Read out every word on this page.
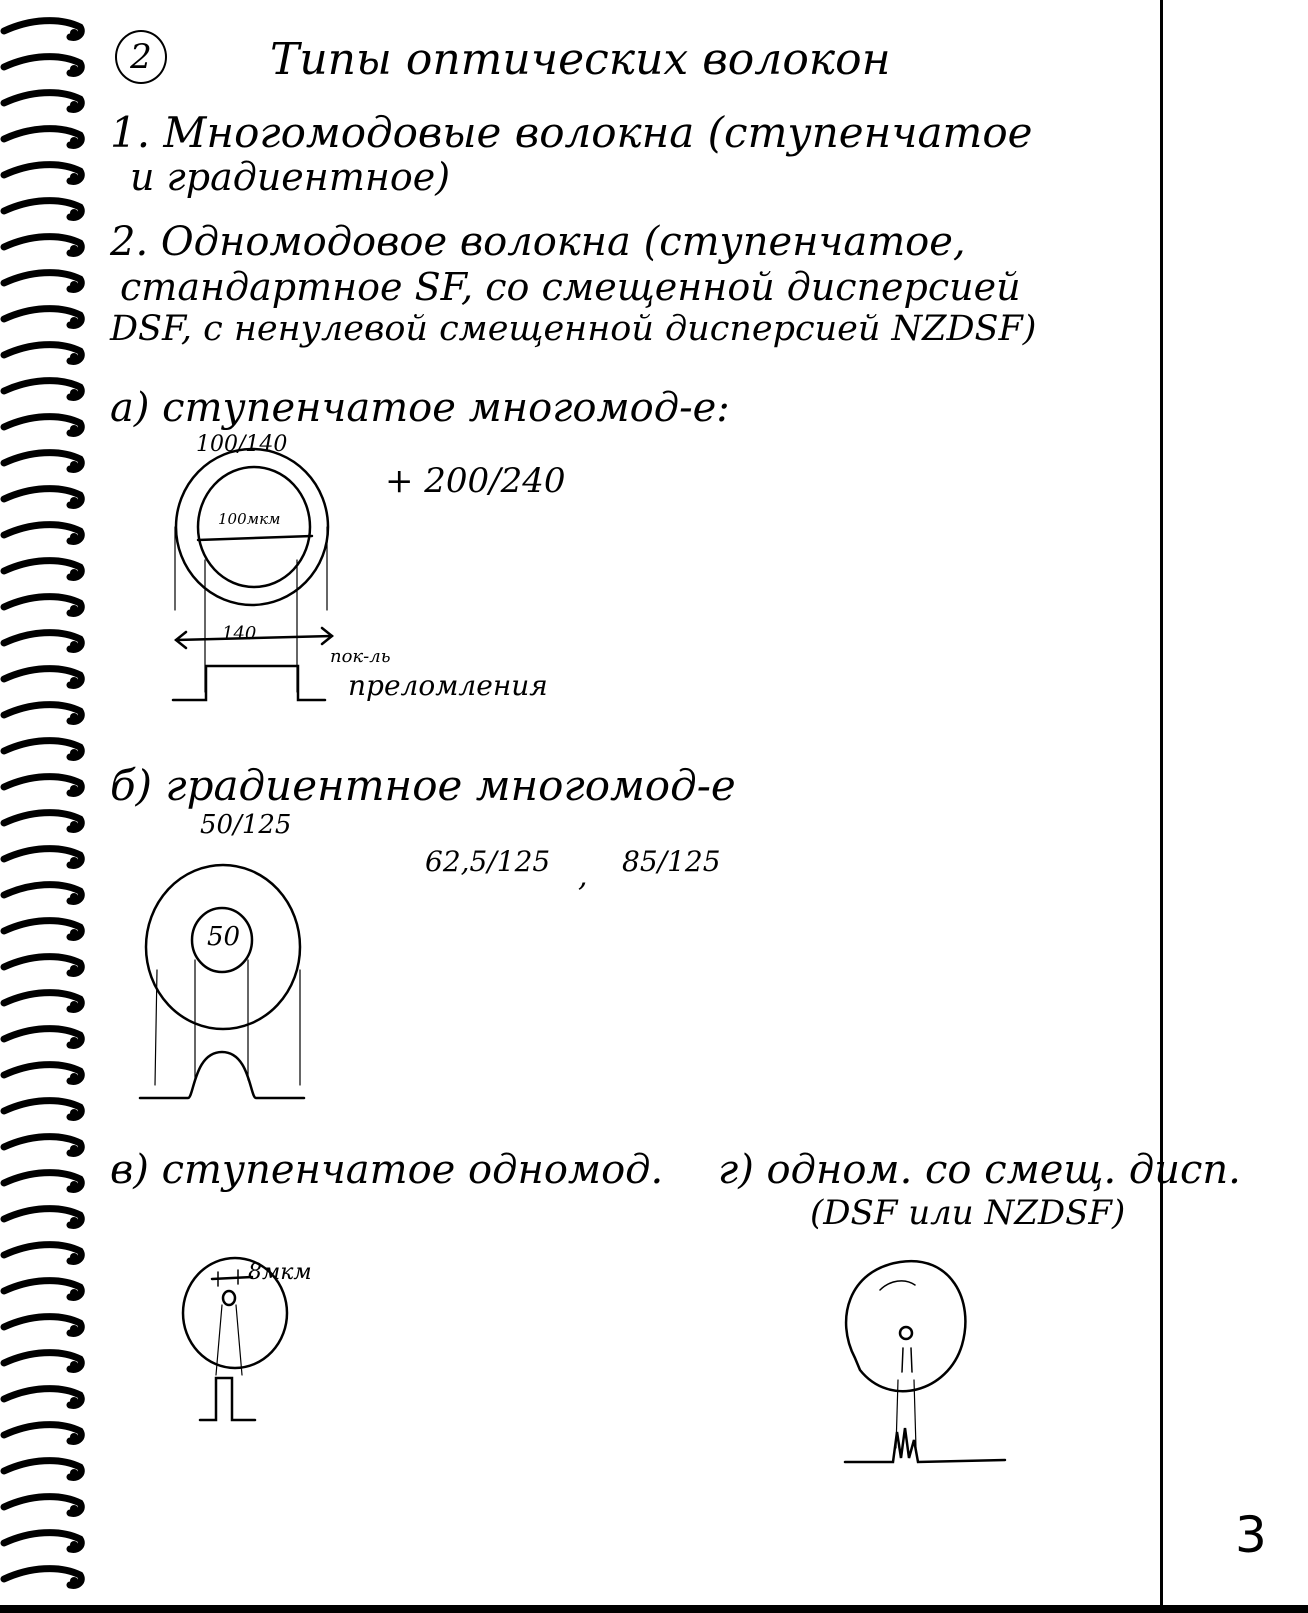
2	Типы оптических волокон
1. Многомодовые волокна (ступенчатое
и градиентное)
2. Одномодовое волокна (ступенчатое,
стандартное SF, со смещенной дисперсией
DSF, с ненулевой смещенной дисперсией NZDSF)
а) ступенчатое многомод-е:
100/140
+ 200/240
100мкм
140
пок-ль
преломления
б) градиентное многомод-е
50/125
62,5/125 , 85/125
50
в) ступенчатое одномод.
8мкм
г) одном. со смещ. дисп.
(DSF или NZDSF)
3
